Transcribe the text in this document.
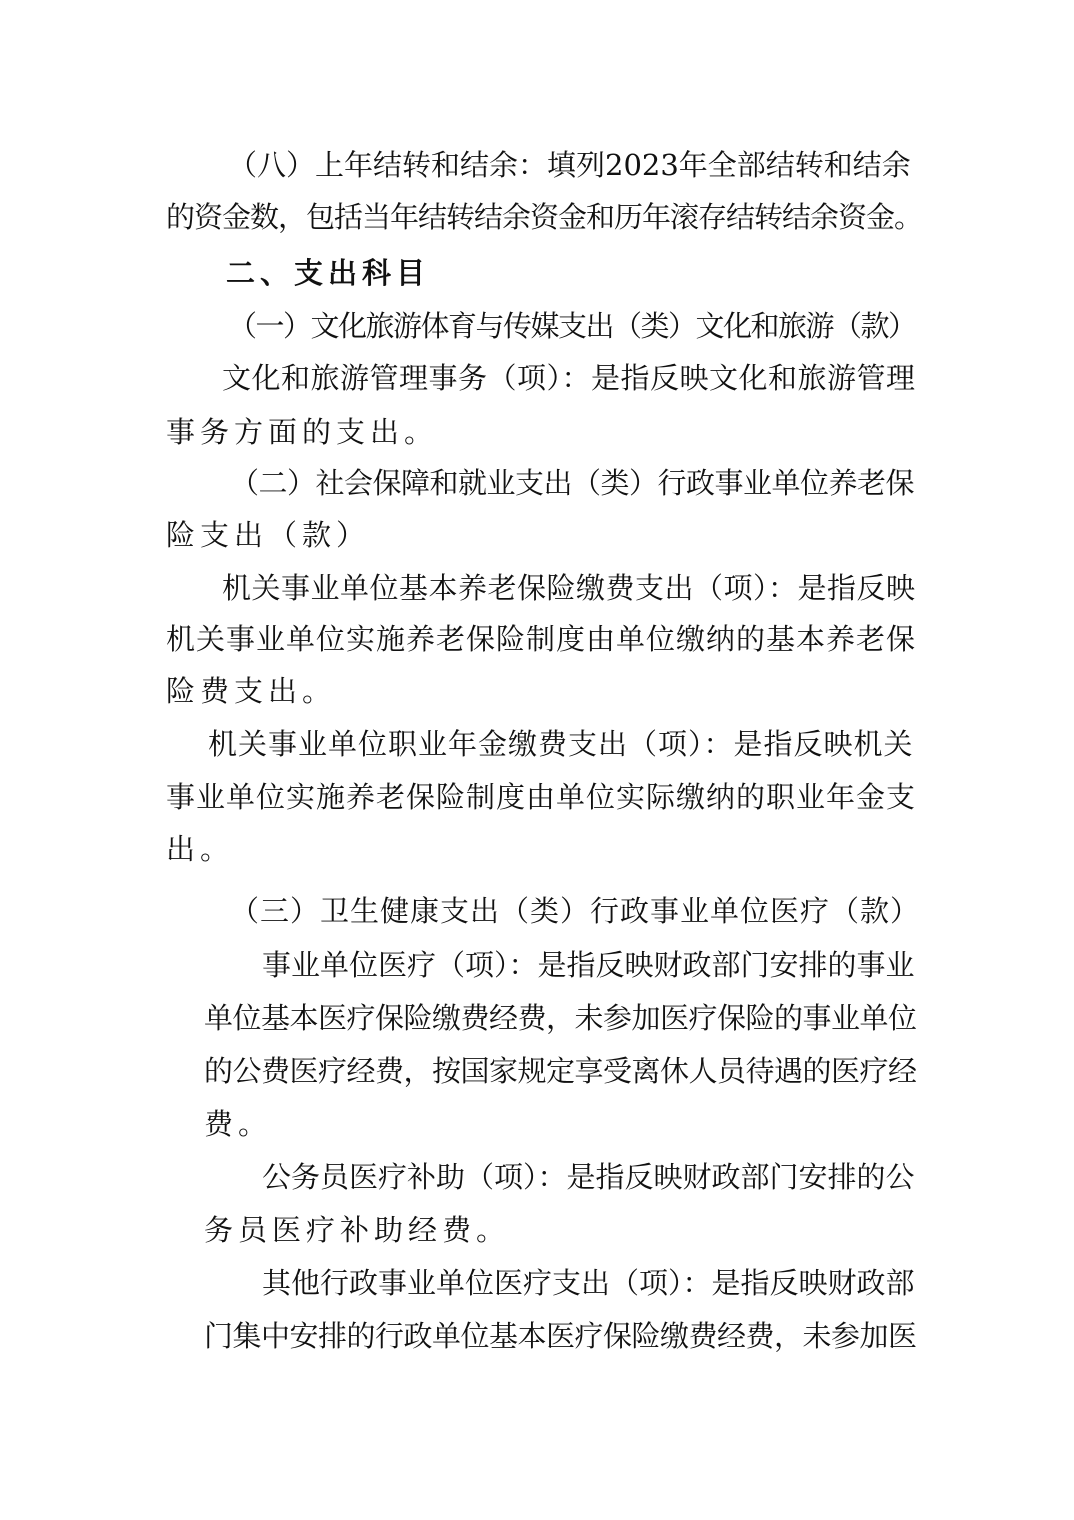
（八）上年结转和结余：填列2023年全部结转和结余
的资金数，包括当年结转结余资金和历年滚存结转结余资金。
二、支出科目
（一）文化旅游体育与传媒支出（类）文化和旅游（款）
文化和旅游管理事务（项）：是指反映文化和旅游管理
事务方面的支出。
（二）社会保障和就业支出（类）行政事业单位养老保
险支出（款）
机关事业单位基本养老保险缴费支出（项）：是指反映
机关事业单位实施养老保险制度由单位缴纳的基本养老保
险费支出。
机关事业单位职业年金缴费支出（项）：是指反映机关
事业单位实施养老保险制度由单位实际缴纳的职业年金支
出。
（三）卫生健康支出（类）行政事业单位医疗（款）
事业单位医疗（项）：是指反映财政部门安排的事业
单位基本医疗保险缴费经费，未参加医疗保险的事业单位
的公费医疗经费，按国家规定享受离休人员待遇的医疗经
费。
公务员医疗补助（项）：是指反映财政部门安排的公
务员医疗补助经费。
其他行政事业单位医疗支出（项）：是指反映财政部
门集中安排的行政单位基本医疗保险缴费经费，未参加医
